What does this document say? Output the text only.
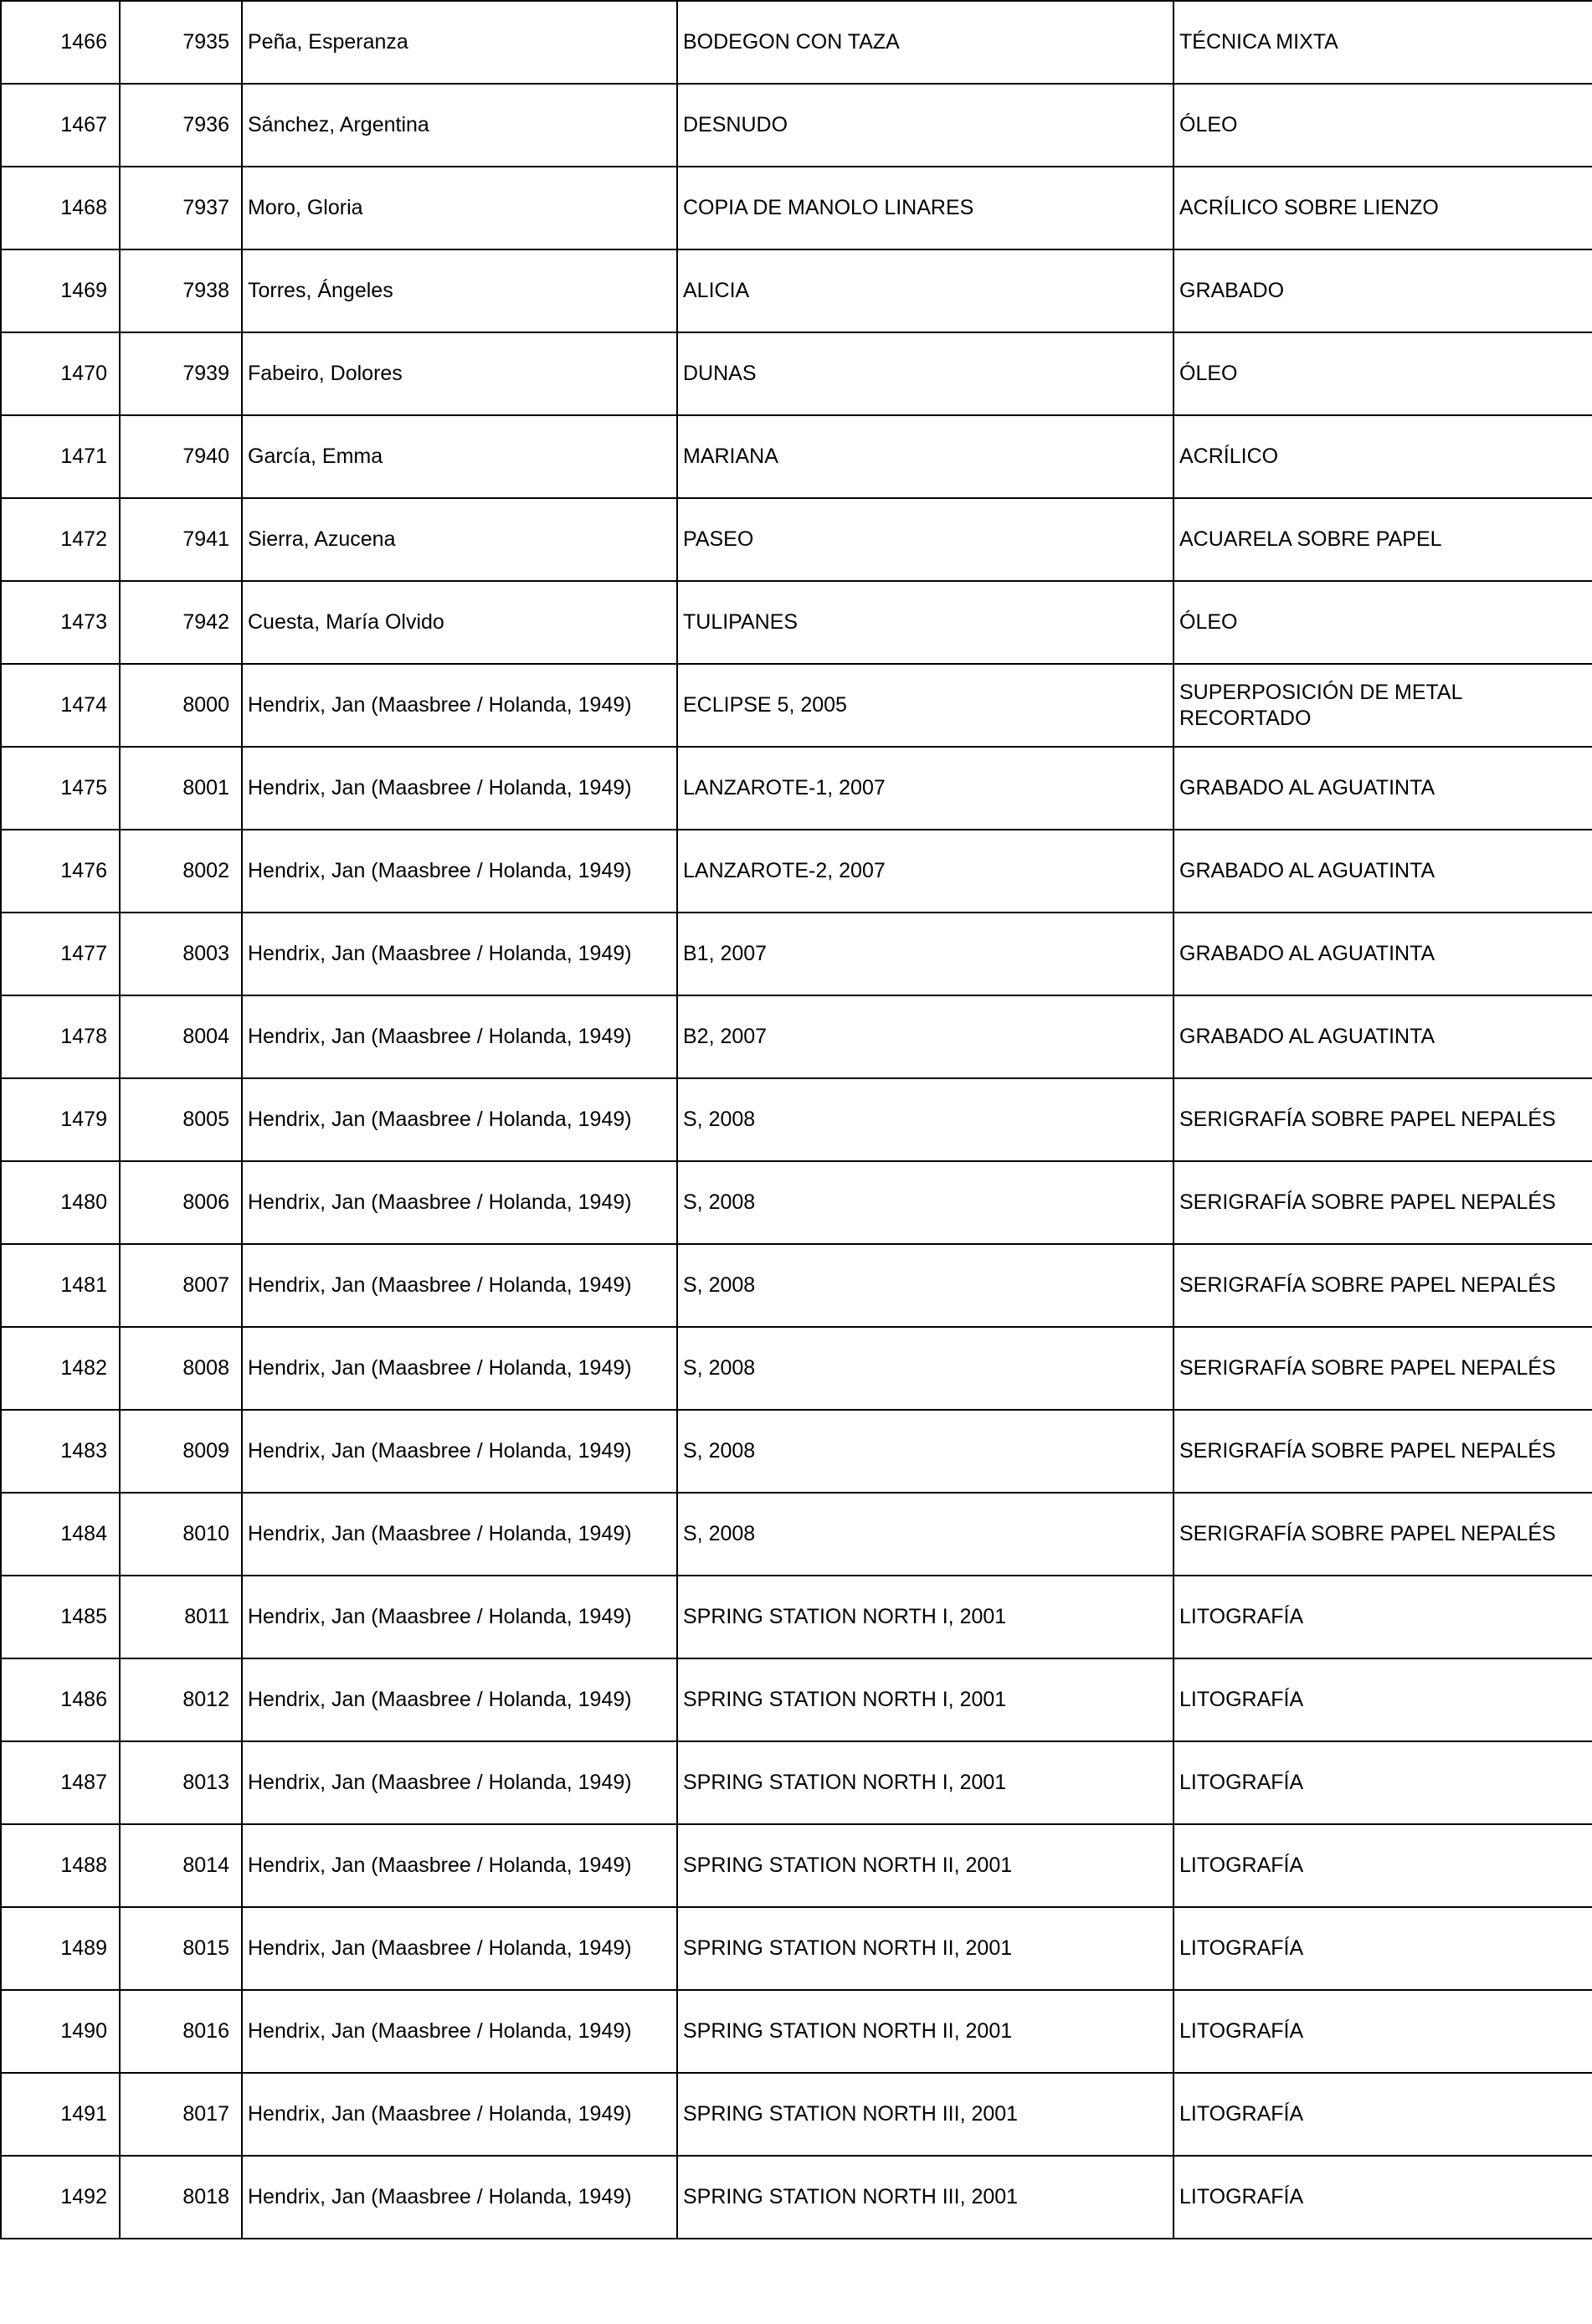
1466	7935	Peña, Esperanza	BODEGON CON TAZA	TÉCNICA MIXTA
1467	7936	Sánchez, Argentina	DESNUDO	ÓLEO
1468	7937	Moro, Gloria	COPIA DE MANOLO LINARES	ACRÍLICO SOBRE LIENZO
1469	7938	Torres, Ángeles	ALICIA	GRABADO
1470	7939	Fabeiro, Dolores	DUNAS	ÓLEO
1471	7940	García, Emma	MARIANA	ACRÍLICO
1472	7941	Sierra, Azucena	PASEO	ACUARELA SOBRE PAPEL
1473	7942	Cuesta, María Olvido	TULIPANES	ÓLEO
1474	8000	Hendrix, Jan (Maasbree / Holanda, 1949)	ECLIPSE 5, 2005	SUPERPOSICIÓN DE METAL RECORTADO
1475	8001	Hendrix, Jan (Maasbree / Holanda, 1949)	LANZAROTE-1, 2007	GRABADO AL AGUATINTA
1476	8002	Hendrix, Jan (Maasbree / Holanda, 1949)	LANZAROTE-2, 2007	GRABADO AL AGUATINTA
1477	8003	Hendrix, Jan (Maasbree / Holanda, 1949)	B1, 2007	GRABADO AL AGUATINTA
1478	8004	Hendrix, Jan (Maasbree / Holanda, 1949)	B2, 2007	GRABADO AL AGUATINTA
1479	8005	Hendrix, Jan (Maasbree / Holanda, 1949)	S, 2008	SERIGRAFÍA SOBRE PAPEL NEPALÉS
1480	8006	Hendrix, Jan (Maasbree / Holanda, 1949)	S, 2008	SERIGRAFÍA SOBRE PAPEL NEPALÉS
1481	8007	Hendrix, Jan (Maasbree / Holanda, 1949)	S, 2008	SERIGRAFÍA SOBRE PAPEL NEPALÉS
1482	8008	Hendrix, Jan (Maasbree / Holanda, 1949)	S, 2008	SERIGRAFÍA SOBRE PAPEL NEPALÉS
1483	8009	Hendrix, Jan (Maasbree / Holanda, 1949)	S, 2008	SERIGRAFÍA SOBRE PAPEL NEPALÉS
1484	8010	Hendrix, Jan (Maasbree / Holanda, 1949)	S, 2008	SERIGRAFÍA SOBRE PAPEL NEPALÉS
1485	8011	Hendrix, Jan (Maasbree / Holanda, 1949)	SPRING STATION NORTH I, 2001	LITOGRAFÍA
1486	8012	Hendrix, Jan (Maasbree / Holanda, 1949)	SPRING STATION NORTH I, 2001	LITOGRAFÍA
1487	8013	Hendrix, Jan (Maasbree / Holanda, 1949)	SPRING STATION NORTH I, 2001	LITOGRAFÍA
1488	8014	Hendrix, Jan (Maasbree / Holanda, 1949)	SPRING STATION NORTH II, 2001	LITOGRAFÍA
1489	8015	Hendrix, Jan (Maasbree / Holanda, 1949)	SPRING STATION NORTH II, 2001	LITOGRAFÍA
1490	8016	Hendrix, Jan (Maasbree / Holanda, 1949)	SPRING STATION NORTH II, 2001	LITOGRAFÍA
1491	8017	Hendrix, Jan (Maasbree / Holanda, 1949)	SPRING STATION NORTH III, 2001	LITOGRAFÍA
1492	8018	Hendrix, Jan (Maasbree / Holanda, 1949)	SPRING STATION NORTH III, 2001	LITOGRAFÍA
